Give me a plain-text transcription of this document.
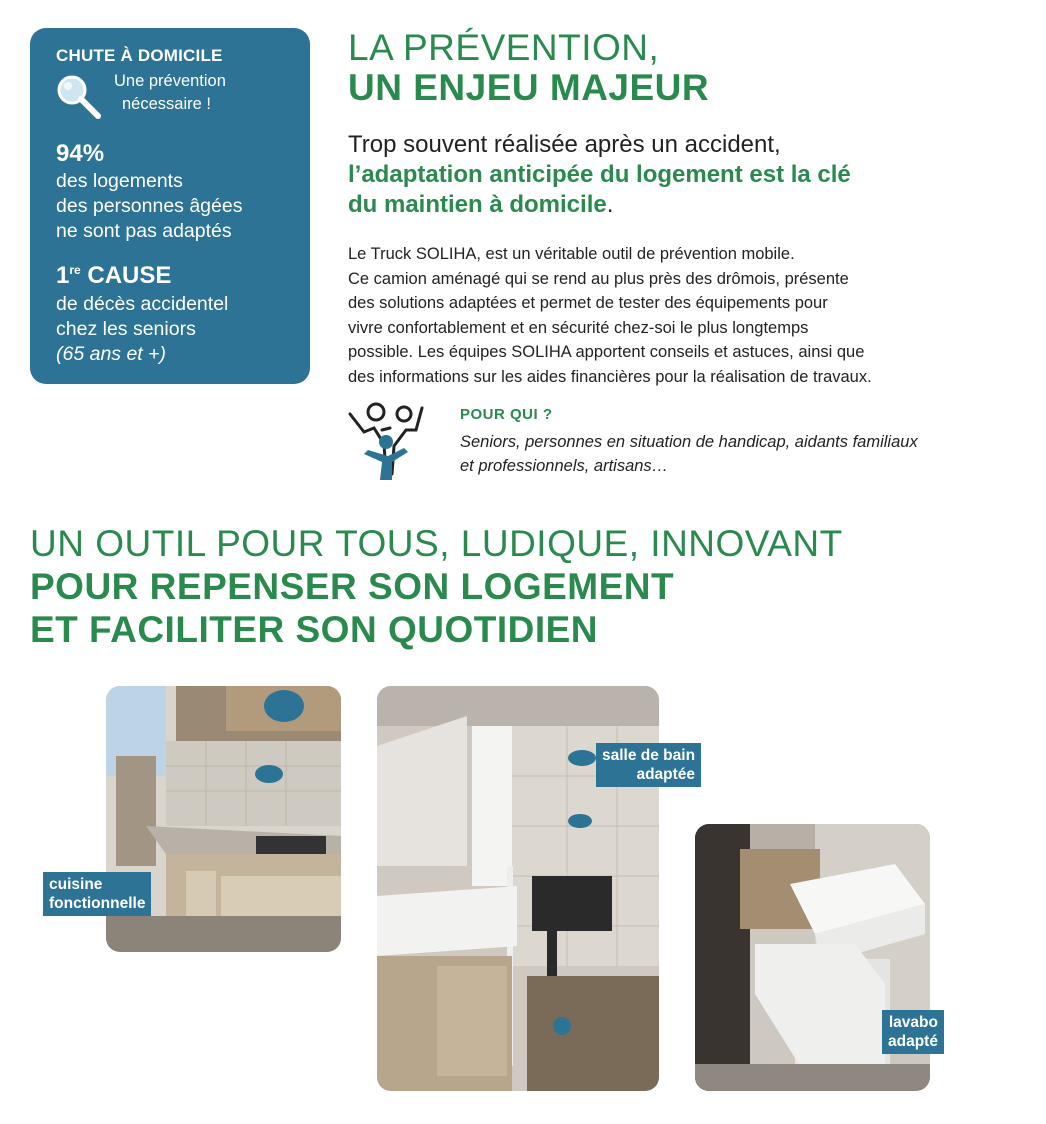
CHUTE À DOMICILE
Une prévention
nécessaire !
94%
des logements
des personnes âgées
ne sont pas adaptés
1re CAUSE
de décès accidentel
chez les seniors
(65 ans et +)
LA PRÉVENTION,
UN ENJEU MAJEUR
Trop souvent réalisée après un accident,
l’adaptation anticipée du logement est la clé
du maintien à domicile.
Le Truck SOLIHA, est un véritable outil de prévention mobile.
Ce camion aménagé qui se rend au plus près des drômois, présente
des solutions adaptées et permet de tester des équipements pour
vivre confortablement et en sécurité chez-soi le plus longtemps
possible. Les équipes SOLIHA apportent conseils et astuces, ainsi que
des informations sur les aides financières pour la réalisation de travaux.
POUR QUI ?
Seniors, personnes en situation de handicap, aidants familiaux
et professionnels, artisans…
UN OUTIL POUR TOUS, LUDIQUE, INNOVANT
POUR REPENSER SON LOGEMENT
ET FACILITER SON QUOTIDIEN
cuisine
fonctionnelle
salle de bain
adaptée
lavabo
adapté
